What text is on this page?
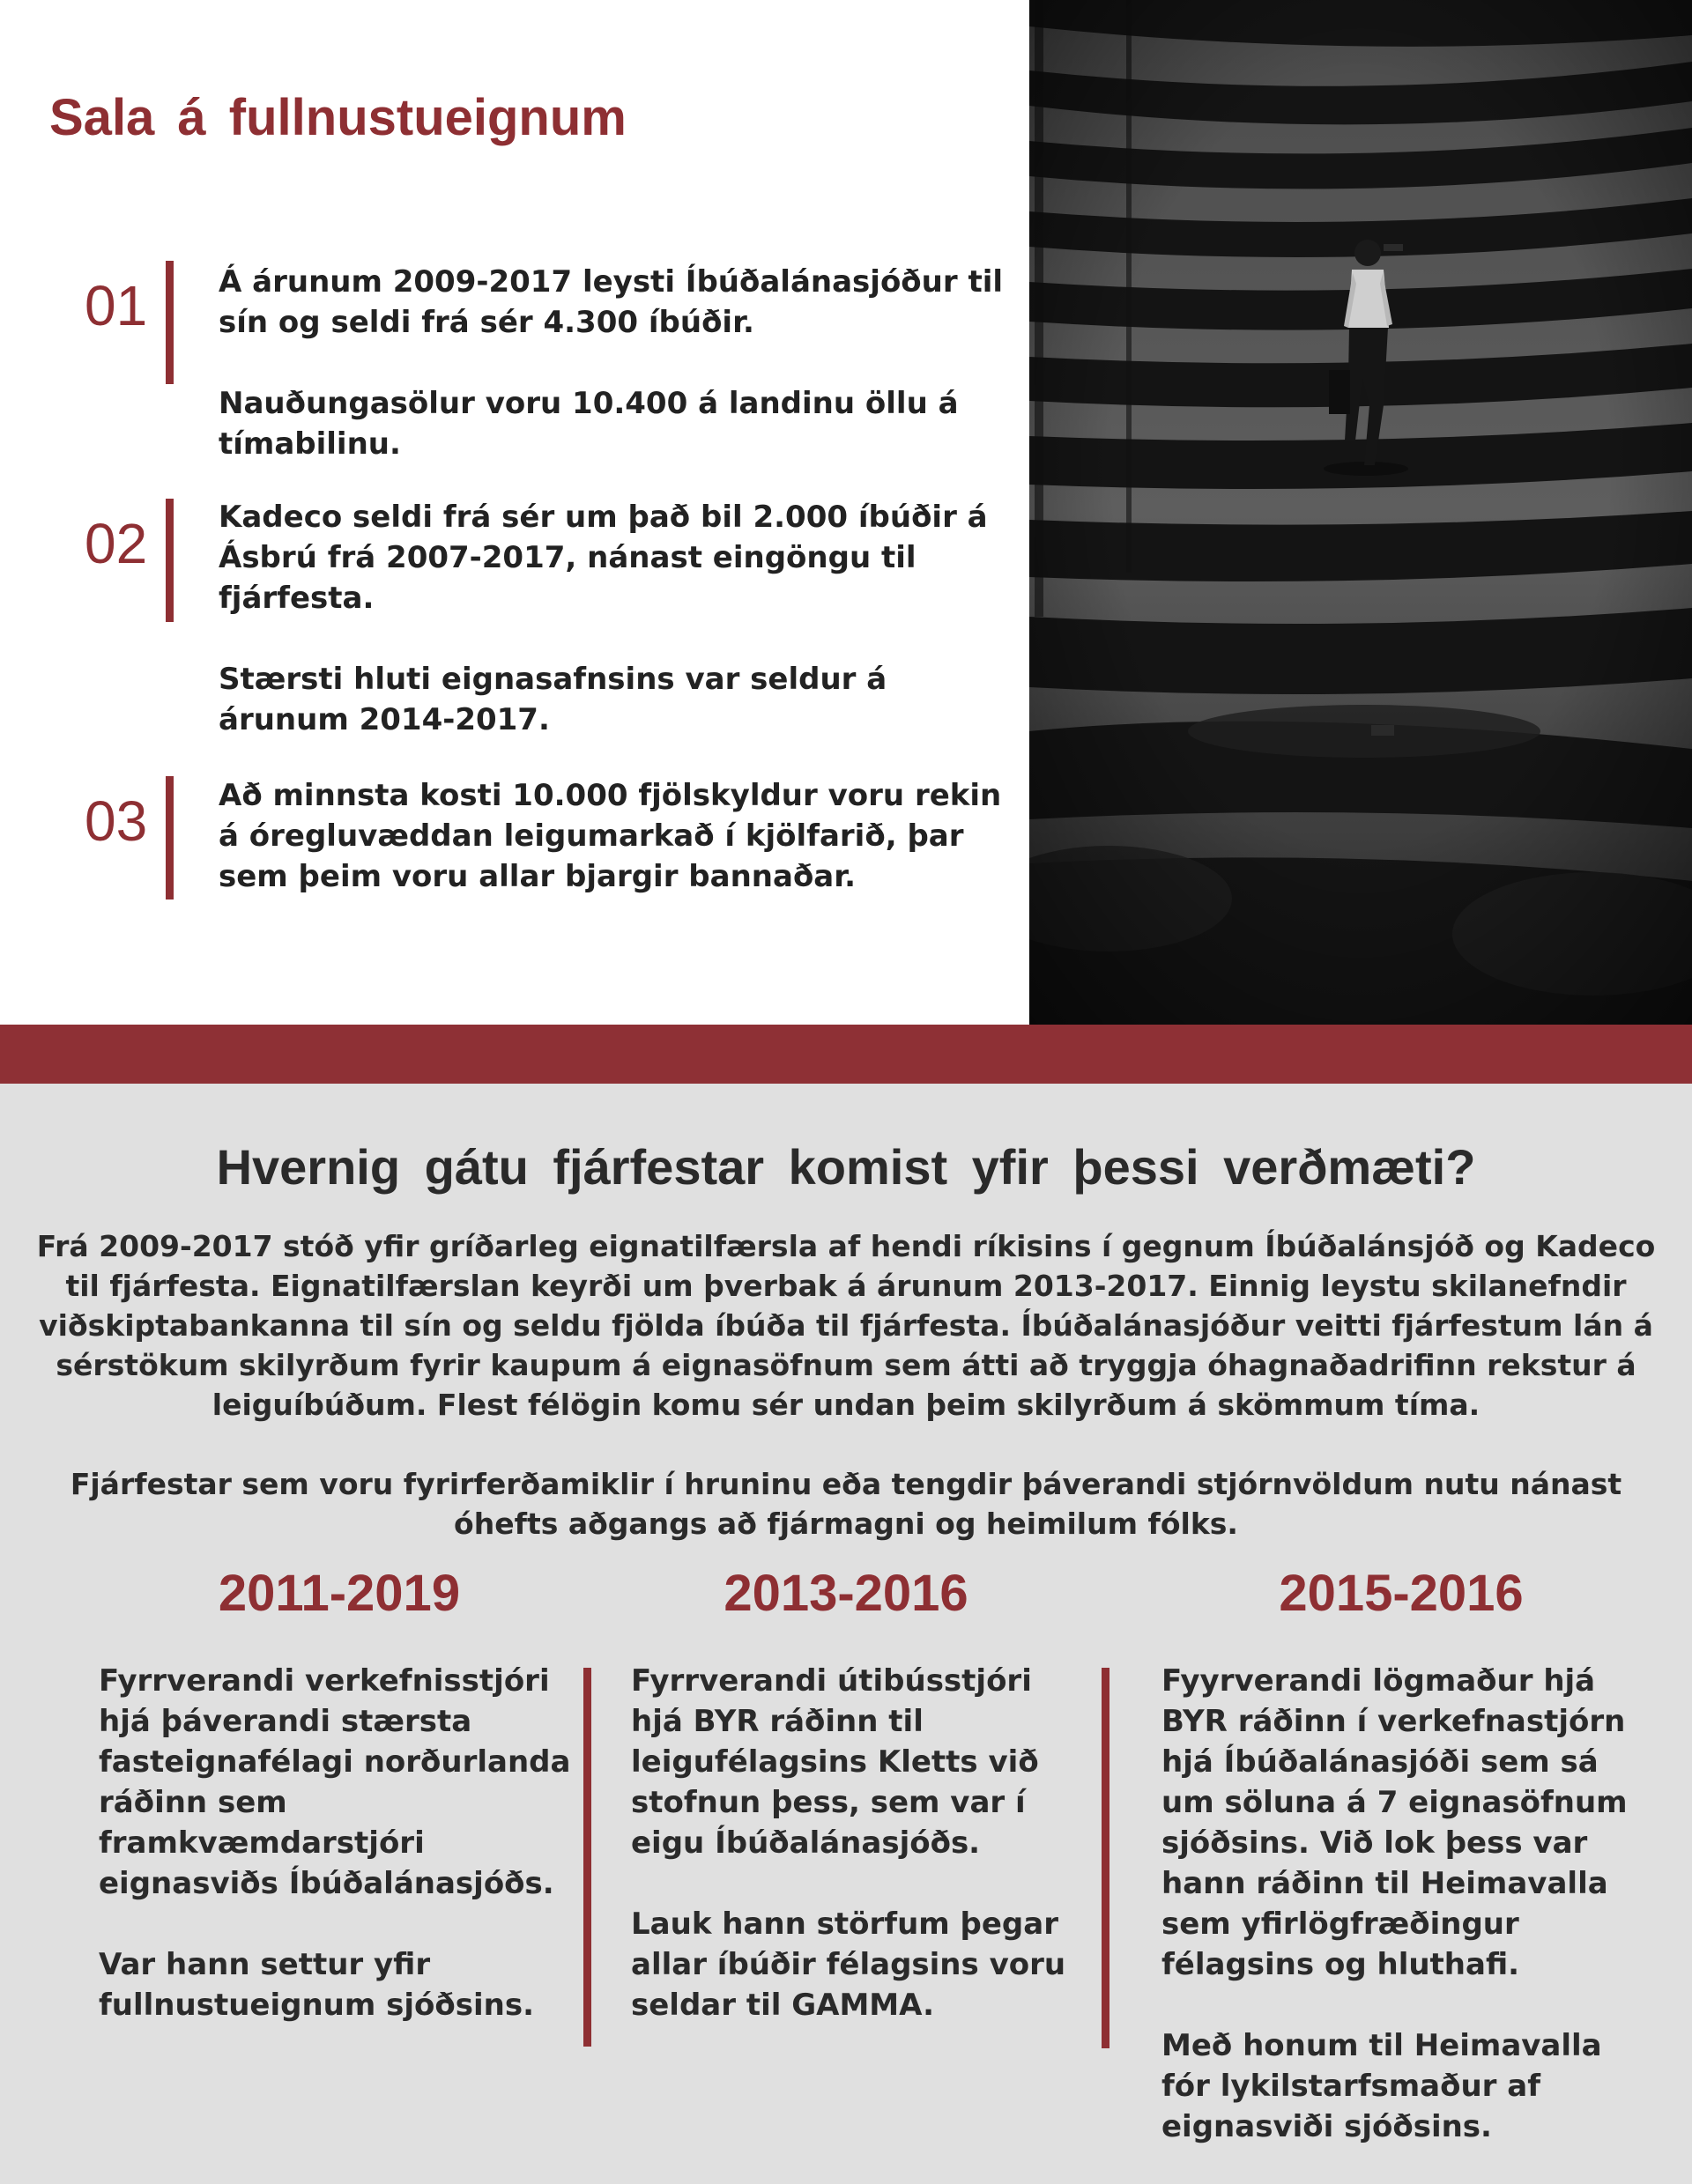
Sala á fullnustueignum
01	Á árunum 2009-2017 leysti Íbúðalánasjóður til sín og seldi frá sér 4.300 íbúðir.

Nauðungasölur voru 10.400 á landinu öllu á tímabilinu.

02	Kadeco seldi frá sér um það bil 2.000 íbúðir á Ásbrú frá 2007-2017, nánast eingöngu til fjárfesta.

Stærsti hluti eignasafnsins var seldur á árunum 2014-2017.

03	Að minnsta kosti 10.000 fjölskyldur voru rekin á óregluvæddan leigumarkað í kjölfarið, þar sem þeim voru allar bjargir bannaðar.

Hvernig gátu fjárfestar komist yfir þessi verðmæti?

Frá 2009-2017 stóð yfir gríðarleg eignatilfærsla af hendi ríkisins í gegnum Íbúðalánsjóð og Kadeco til fjárfesta. Eignatilfærslan keyrði um þverbak á árunum 2013-2017. Einnig leystu skilanefndir viðskiptabankanna til sín og seldu fjölda íbúða til fjárfesta. Íbúðalánasjóður veitti fjárfestum lán á sérstökum skilyrðum fyrir kaupum á eignasöfnum sem átti að tryggja óhagnaðadrifinn rekstur á leiguíbúðum. Flest félögin komu sér undan þeim skilyrðum á skömmum tíma.

Fjárfestar sem voru fyrirferðamiklir í hruninu eða tengdir þáverandi stjórnvöldum nutu nánast óhefts aðgangs að fjármagni og heimilum fólks.

2011-2019

Fyrrverandi verkefnisstjóri hjá þáverandi stærsta fasteignafélagi norðurlanda ráðinn sem framkvæmdarstjóri eignasviðs Íbúðalánasjóðs.

Var hann settur yfir fullnustueignum sjóðsins.

2013-2016

Fyrrverandi útibússtjóri hjá BYR ráðinn til leigufélagsins Kletts við stofnun þess, sem var í eigu Íbúðalánasjóðs.

Lauk hann störfum þegar allar íbúðir félagsins voru seldar til GAMMA.

2015-2016

Fyyrverandi lögmaður hjá BYR ráðinn í verkefnastjórn hjá Íbúðalánasjóði sem sá um söluna á 7 eignasöfnum sjóðsins. Við lok þess var hann ráðinn til Heimavalla sem yfirlögfræðingur félagsins og hluthafi.

Með honum til Heimavalla fór lykilstarfsmaður af eignasviði sjóðsins.
